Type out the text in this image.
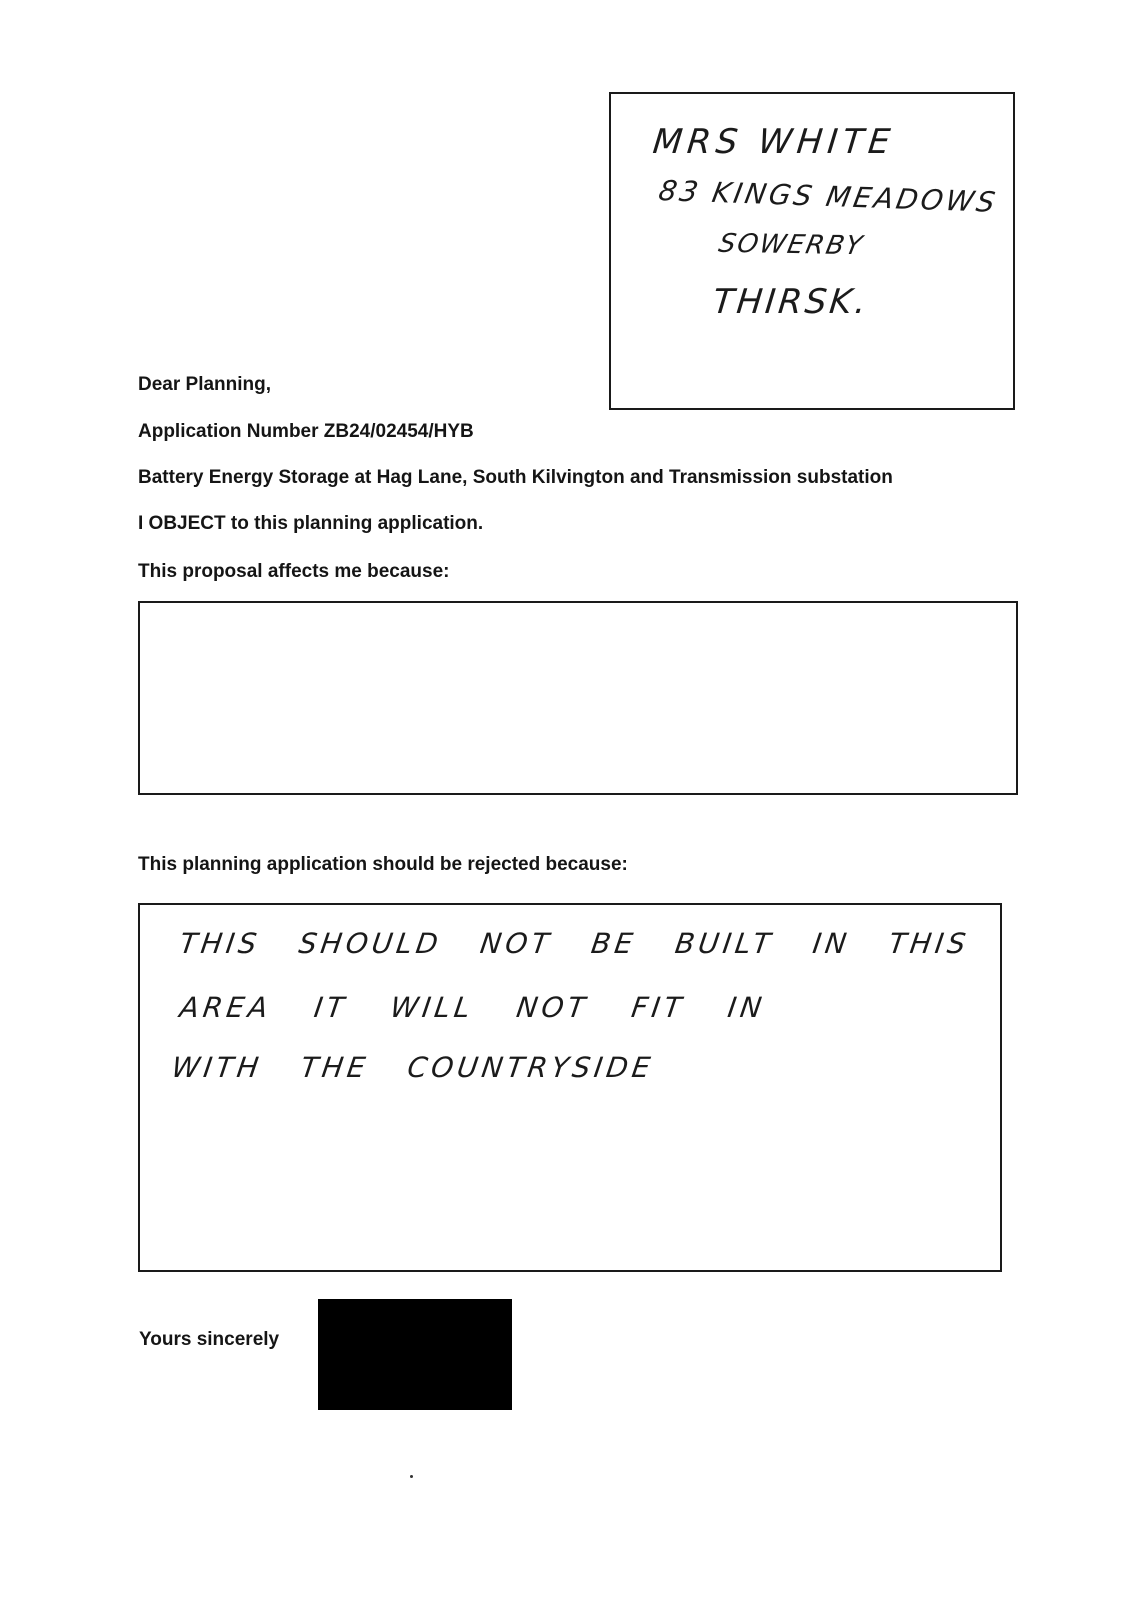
MRS WHITE
83 KINGS MEADOWS
SOWERBY
THIRSK.
Dear Planning,
Application Number ZB24/02454/HYB
Battery Energy Storage at Hag Lane, South Kilvington and Transmission substation
I OBJECT to this planning application.
This proposal affects me because:
This planning application should be rejected because:
THIS SHOULD NOT BE BUILT IN THIS
AREA IT WILL NOT FIT IN
WITH THE COUNTRYSIDE
Yours sincerely
